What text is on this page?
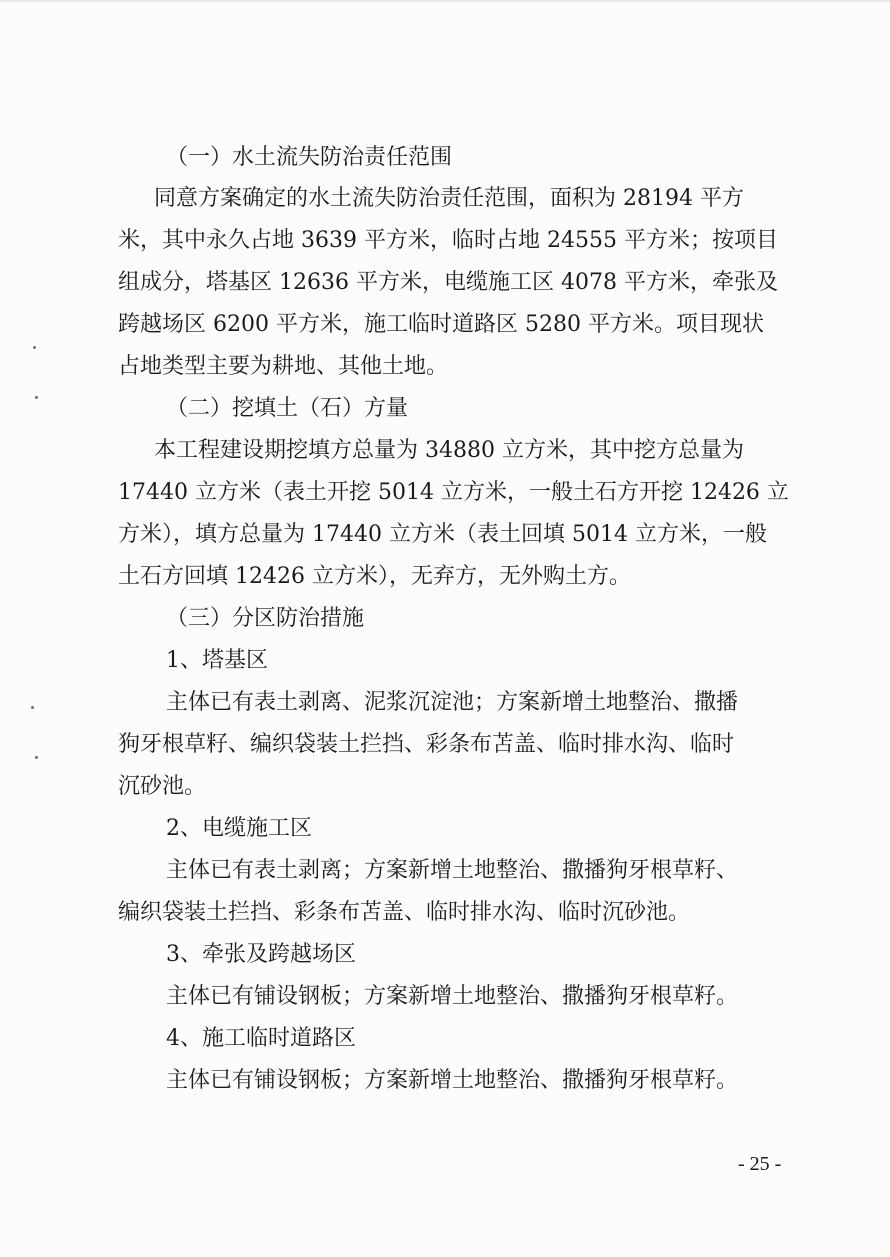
（一）水土流失防治责任范围
同意方案确定的水土流失防治责任范围，面积为 28194 平方
米，其中永久占地 3639 平方米，临时占地 24555 平方米；按项目
组成分，塔基区 12636 平方米，电缆施工区 4078 平方米，牵张及
跨越场区 6200 平方米，施工临时道路区 5280 平方米。项目现状
占地类型主要为耕地、其他土地。
（二）挖填土（石）方量
本工程建设期挖填方总量为 34880 立方米，其中挖方总量为
17440 立方米（表土开挖 5014 立方米，一般土石方开挖 12426 立
方米），填方总量为 17440 立方米（表土回填 5014 立方米，一般
土石方回填 12426 立方米），无弃方，无外购土方。
（三）分区防治措施
1、塔基区
主体已有表土剥离、泥浆沉淀池；方案新增土地整治、撒播
狗牙根草籽、编织袋装土拦挡、彩条布苫盖、临时排水沟、临时
沉砂池。
2、电缆施工区
主体已有表土剥离；方案新增土地整治、撒播狗牙根草籽、
编织袋装土拦挡、彩条布苫盖、临时排水沟、临时沉砂池。
3、牵张及跨越场区
主体已有铺设钢板；方案新增土地整治、撒播狗牙根草籽。
4、施工临时道路区
主体已有铺设钢板；方案新增土地整治、撒播狗牙根草籽。
- 25 -
